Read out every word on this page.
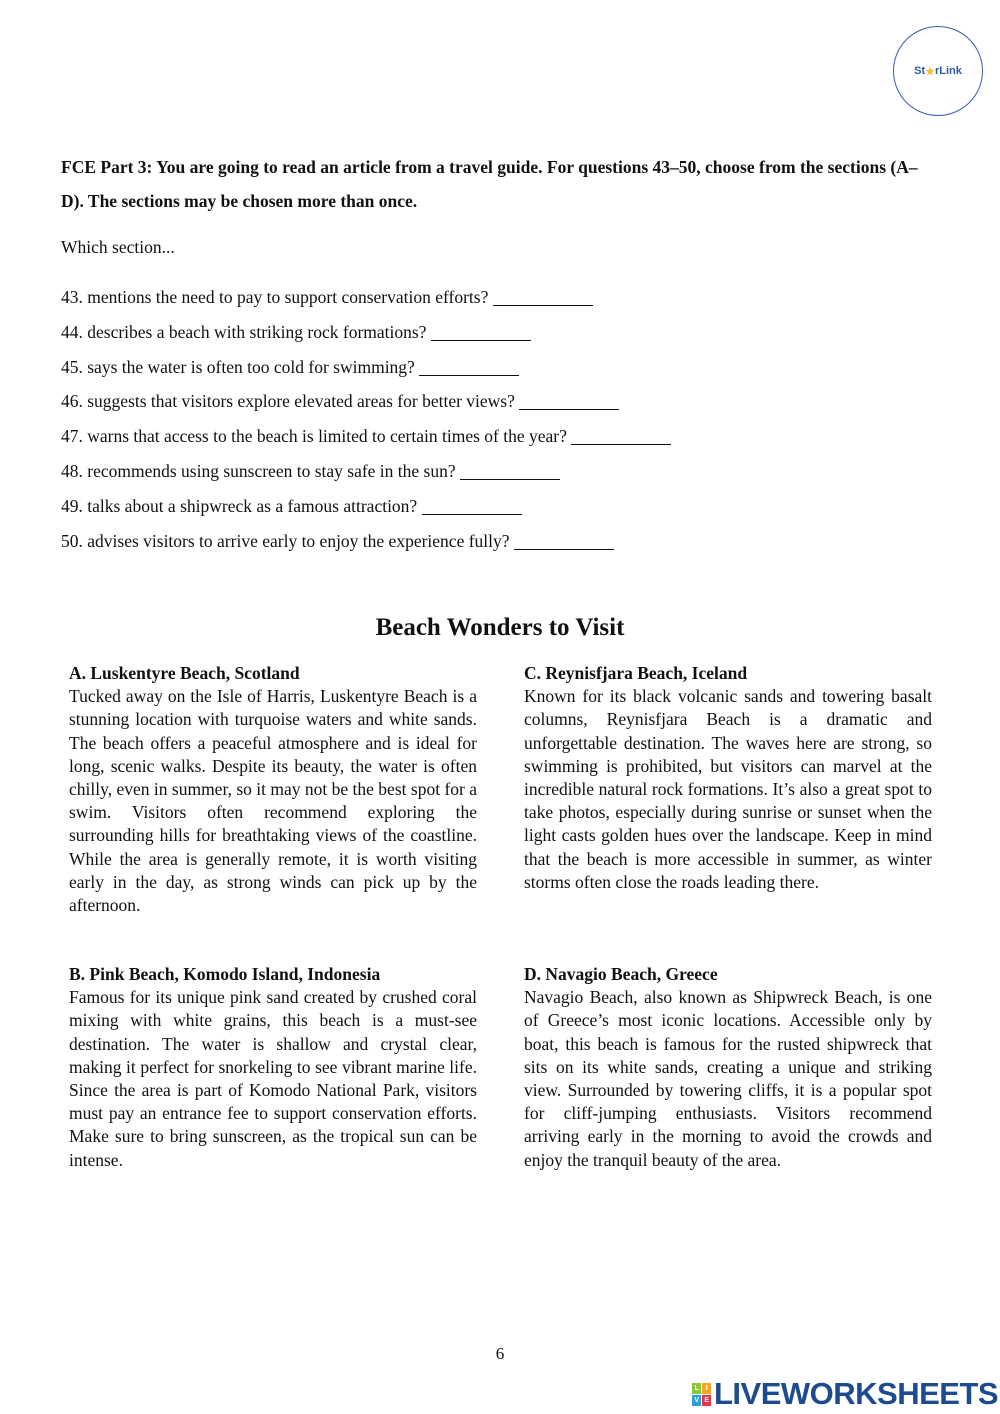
St ★ rLink
FCE Part 3: You are going to read an article from a travel guide. For questions 43–50, choose from the sections (A–D). The sections may be chosen more than once.
Which section...
43. mentions the need to pay to support conservation efforts?
44. describes a beach with striking rock formations?
45. says the water is often too cold for swimming?
46. suggests that visitors explore elevated areas for better views?
47. warns that access to the beach is limited to certain times of the year?
48. recommends using sunscreen to stay safe in the sun?
49. talks about a shipwreck as a famous attraction?
50. advises visitors to arrive early to enjoy the experience fully?
Beach Wonders to Visit
A. Luskentyre Beach, Scotland

Tucked away on the Isle of Harris, Luskentyre Beach is a stunning location with turquoise waters and white sands. The beach offers a peaceful atmosphere and is ideal for long, scenic walks. Despite its beauty, the water is often chilly, even in summer, so it may not be the best spot for a swim. Visitors often recommend exploring the surrounding hills for breathtaking views of the coastline. While the area is generally remote, it is worth visiting early in the day, as strong winds can pick up by the afternoon.

B. Pink Beach, Komodo Island, Indonesia

Famous for its unique pink sand created by crushed coral mixing with white grains, this beach is a must-see destination. The water is shallow and crystal clear, making it perfect for snorkeling to see vibrant marine life. Since the area is part of Komodo National Park, visitors must pay an entrance fee to support conservation efforts. Make sure to bring sunscreen, as the tropical sun can be intense.

C. Reynisfjara Beach, Iceland

Known for its black volcanic sands and towering basalt columns, Reynisfjara Beach is a dramatic and unforgettable destination. The waves here are strong, so swimming is prohibited, but visitors can marvel at the incredible natural rock formations. It’s also a great spot to take photos, especially during sunrise or sunset when the light casts golden hues over the landscape. Keep in mind that the beach is more accessible in summer, as winter storms often close the roads leading there.

D. Navagio Beach, Greece

Navagio Beach, also known as Shipwreck Beach, is one of Greece’s most iconic locations. Accessible only by boat, this beach is famous for the rusted shipwreck that sits on its white sands, creating a unique and striking view. Surrounded by towering cliffs, it is a popular spot for cliff-jumping enthusiasts. Visitors recommend arriving early in the morning to avoid the crowds and enjoy the tranquil beauty of the area.

6
L	I
V E LIVEWORKSHEETS
